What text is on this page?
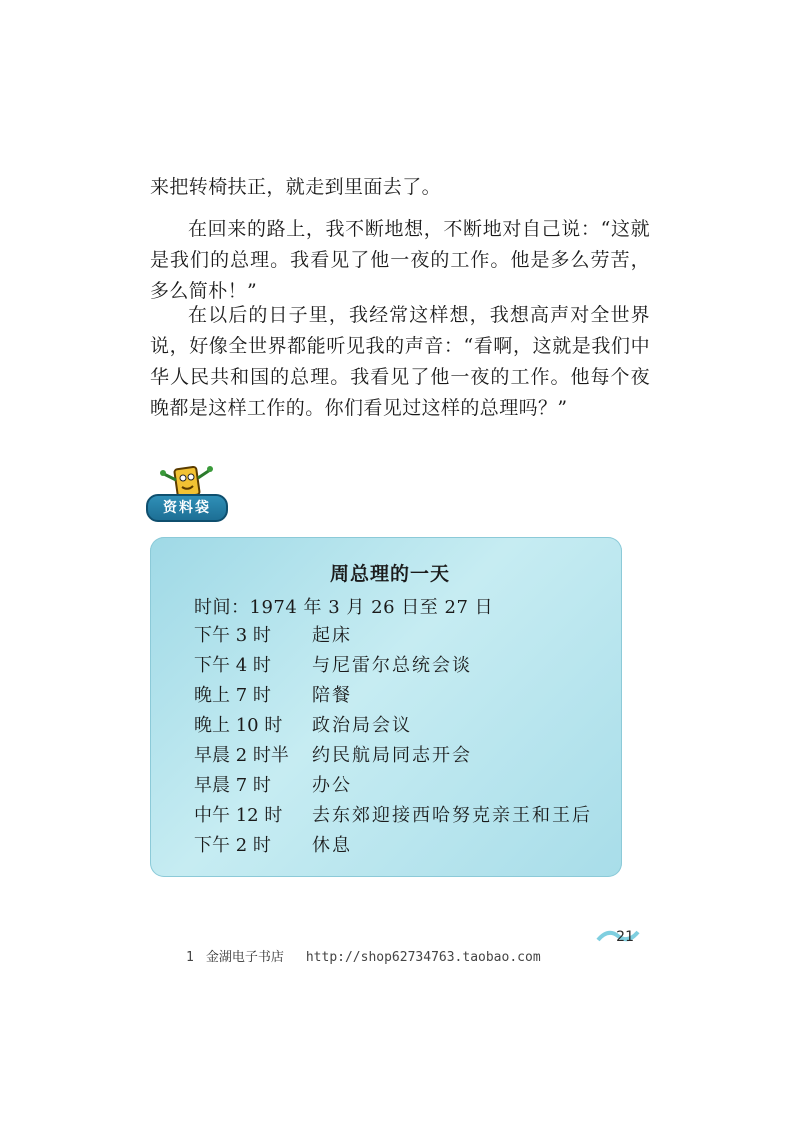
来把转椅扶正，就走到里面去了。

在回来的路上，我不断地想，不断地对自己说：“这就是我们的总理。我看见了他一夜的工作。他是多么劳苦，多么简朴！”

在以后的日子里，我经常这样想，我想高声对全世界说，好像全世界都能听见我的声音：“看啊，这就是我们中华人民共和国的总理。我看见了他一夜的工作。他每个夜晚都是这样工作的。你们看见过这样的总理吗？”

资料袋
周总理的一天
时间：1974 年 3 月 26 日至 27 日
下午 3 时 起床
下午 4 时 与尼雷尔总统会谈
晚上 7 时 陪餐
晚上 10 时 政治局会议
早晨 2 时半 约民航局同志开会
早晨 7 时 办公
中午 12 时 去东郊迎接西哈努克亲王和王后
下午 2 时 休息
21
1 金湖电子书店 http://shop62734763.taobao.com
